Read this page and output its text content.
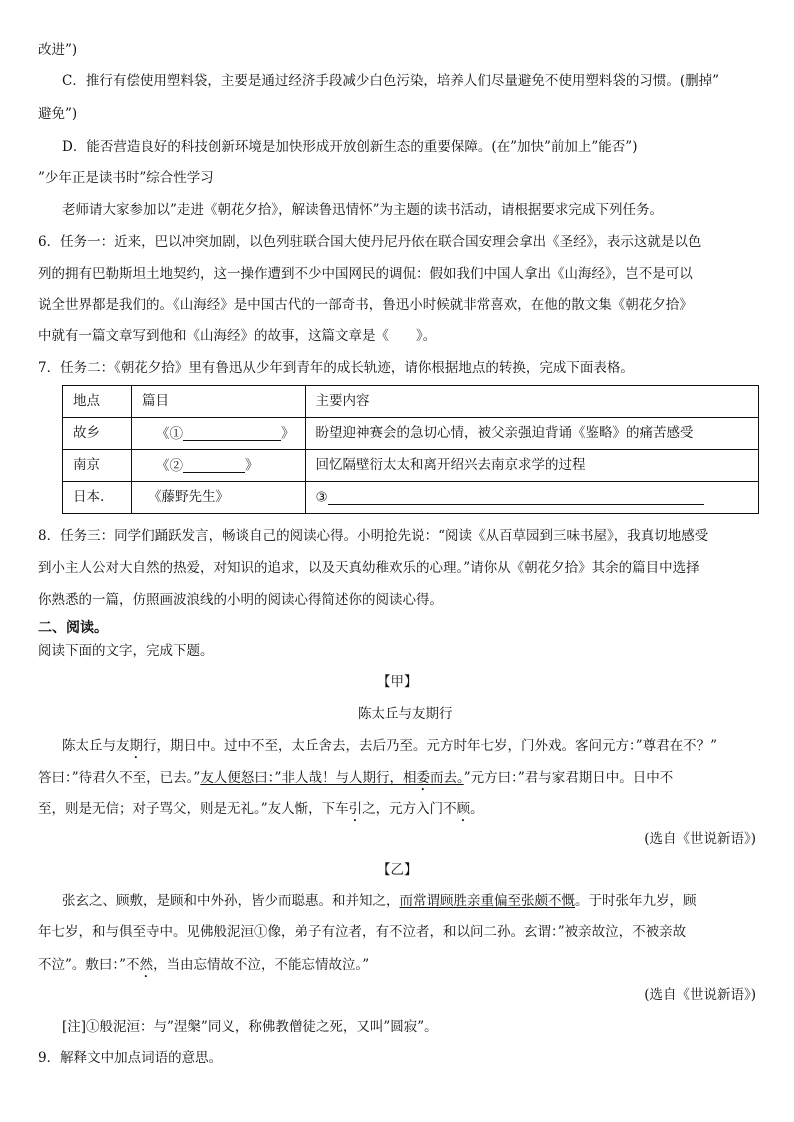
改进”)
C．推行有偿使用塑料袋，主要是通过经济手段减少白色污染，培养人们尽量避免不使用塑料袋的习惯。(删掉”
避免”)
D．能否营造良好的科技创新环境是加快形成开放创新生态的重要保障。(在”加快”前加上”能否”)
”少年正是读书时”综合性学习
老师请大家参加以”走进《朝花夕拾》，解读鲁迅情怀”为主题的读书活动，请根据要求完成下列任务。
6．任务一：近来，巴以冲突加剧，以色列驻联合国大使丹尼丹依在联合国安理会拿出《圣经》，表示这就是以色
列的拥有巴勒斯坦土地契约，这一操作遭到不少中国网民的调侃：假如我们中国人拿出《山海经》，岂不是可以
说全世界都是我们的。《山海经》是中国古代的一部奇书，鲁迅小时候就非常喜欢，在他的散文集《朝花夕拾》
中就有一篇文章写到他和《山海经》的故事，这篇文章是《　　》。
7．任务二：《朝花夕拾》里有鲁迅从少年到青年的成长轨迹，请你根据地点的转换，完成下面表格。
地点	篇目	主要内容
故乡	《① 》	盼望迎神赛会的急切心情，被父亲强迫背诵《鉴略》的痛苦感受
南京	《② 》	回忆隔壁衍太太和离开绍兴去南京求学的过程
日本.	《藤野先生》	③
8．任务三：同学们踊跃发言，畅谈自己的阅读心得。小明抢先说：“阅读《从百草园到三味书屋》，我真切地感受
到小主人公对大自然的热爱，对知识的追求，以及天真幼稚欢乐的心理。”请你从《朝花夕拾》其余的篇目中选择
你熟悉的一篇，仿照画波浪线的小明的阅读心得简述你的阅读心得。
二、阅读。
阅读下面的文字，完成下题。
【甲】
陈太丘与友期行
陈太丘与友期行，期日中。过中不至，太丘舍去，去后乃至。元方时年七岁，门外戏。客问元方：”尊君在不？”
答曰：”待君久不至，已去。”友人便怒曰：”非人哉！与人期行，相委而去。”元方曰：”君与家君期日中。日中不
至，则是无信；对子骂父，则是无礼。”友人惭，下车引之，元方入门不顾。
(选自《世说新语》)
【乙】
张玄之、顾敷，是顾和中外孙，皆少而聪惠。和并知之，而常谓顾胜亲重偏至张颇不慨。于时张年九岁，顾
年七岁，和与俱至寺中。见佛般泥洹①像，弟子有泣者，有不泣者，和以问二孙。玄谓：”被亲故泣，不被亲故
不泣”。敷曰：”不然，当由忘情故不泣，不能忘情故泣。”
(选自《世说新语》)
[注]①般泥洹：与”涅槃”同义，称佛教僧徒之死，又叫”圆寂”。
9．解释文中加点词语的意思。
